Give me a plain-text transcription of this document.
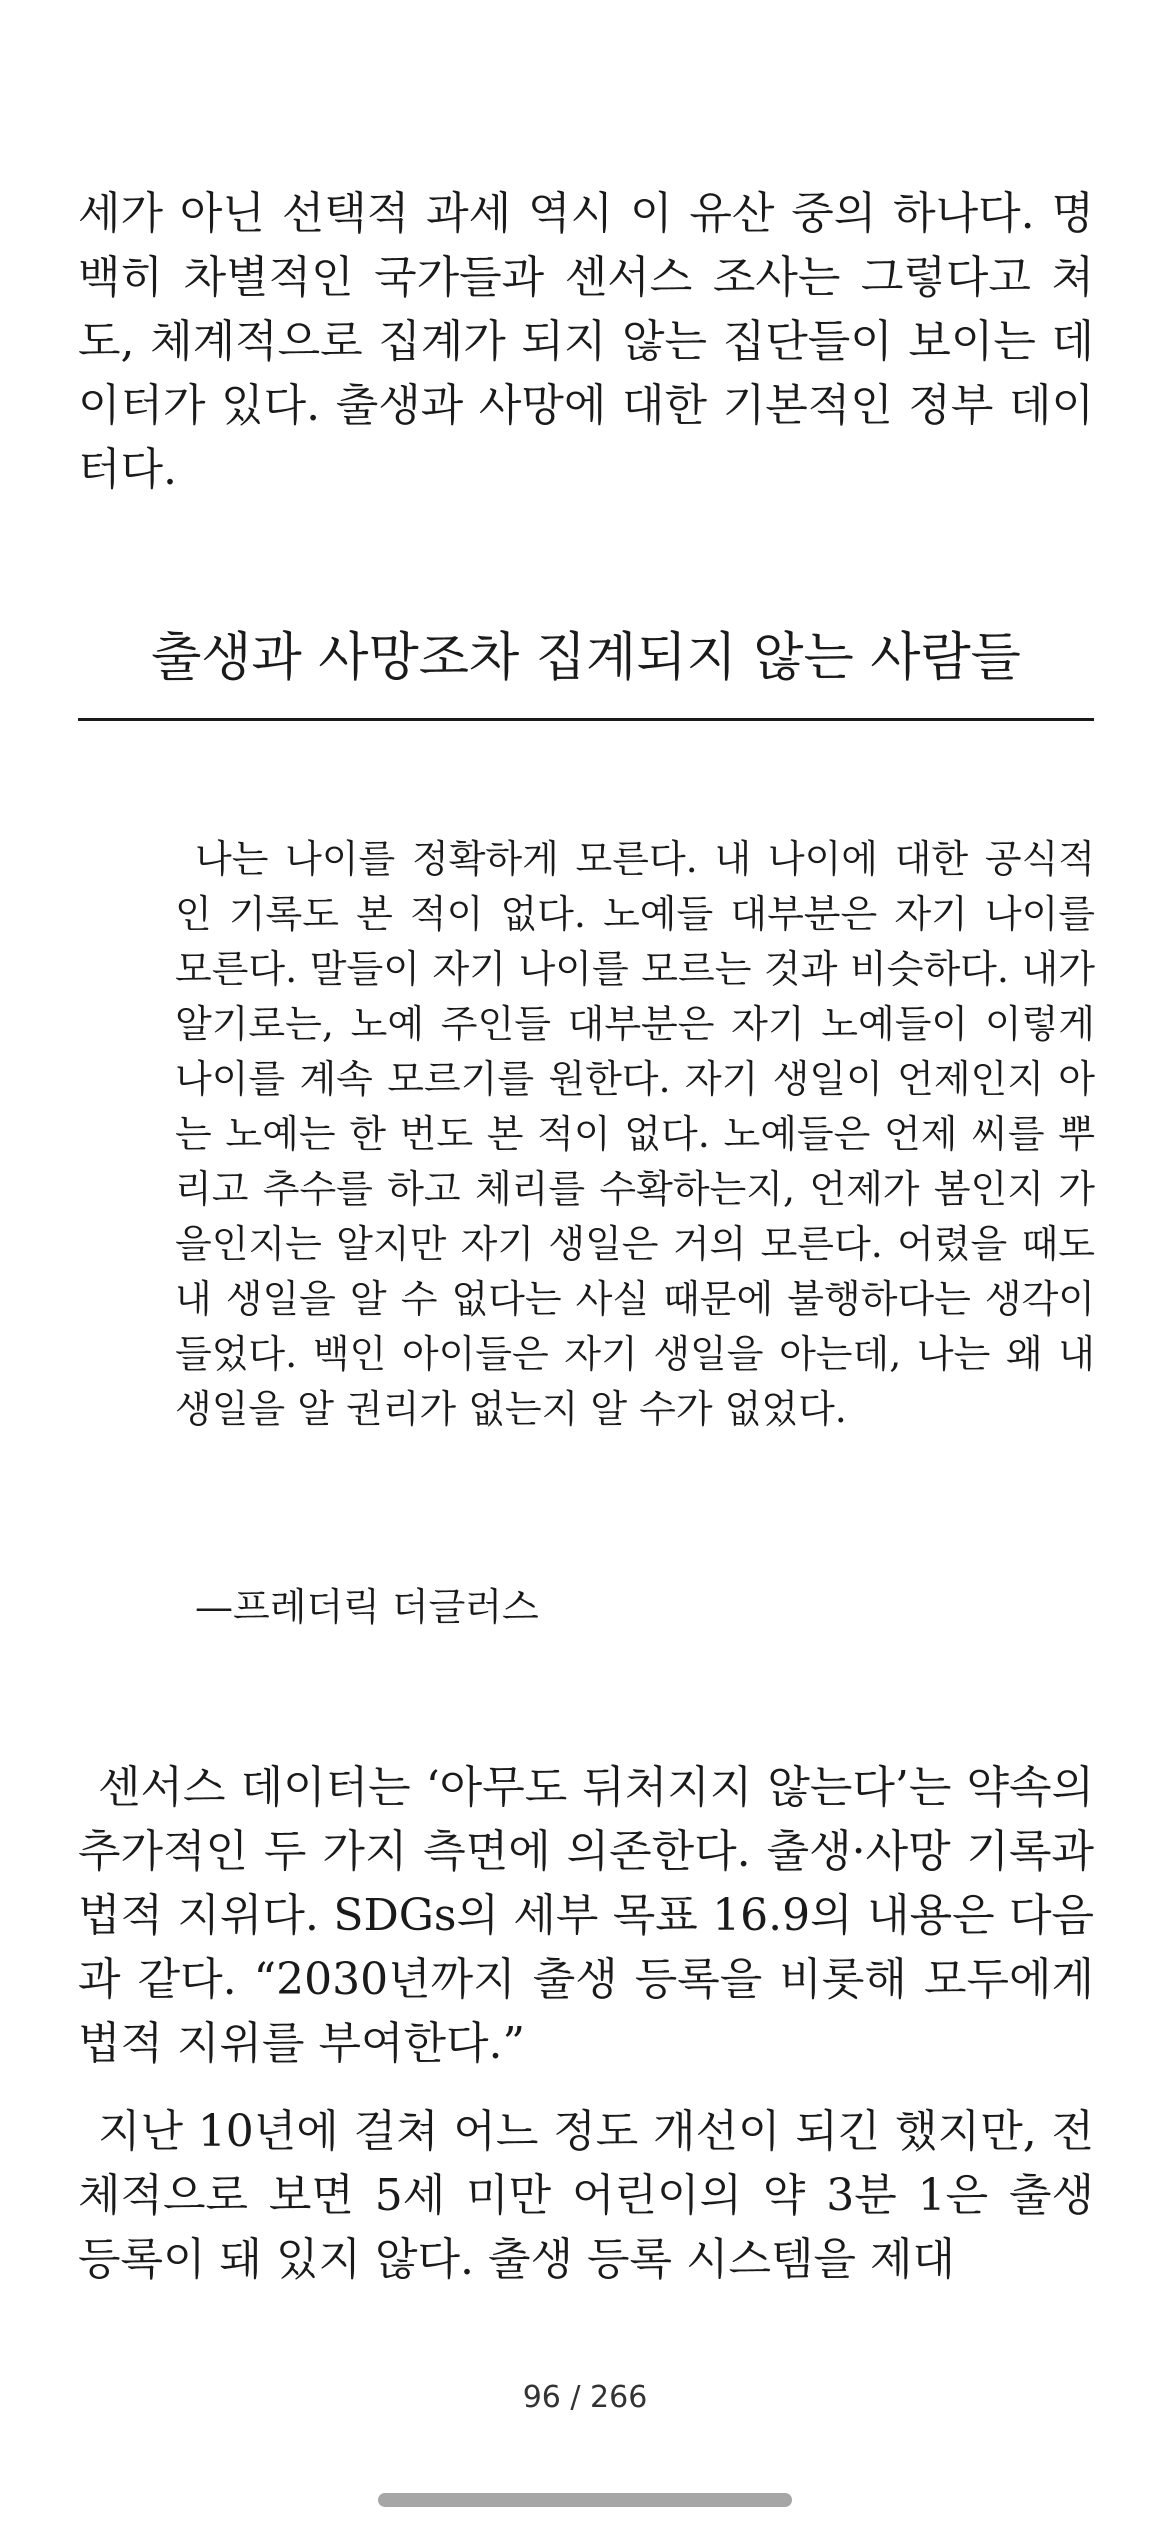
세가 아닌 선택적 과세 역시 이 유산 중의 하나다. 명백히 차별적인 국가들과 센서스 조사는 그렇다고 쳐도, 체계적으로 집계가 되지 않는 집단들이 보이는 데이터가 있다. 출생과 사망에 대한 기본적인 정부 데이터다.

출생과 사망조차 집계되지 않는 사람들

나는 나이를 정확하게 모른다. 내 나이에 대한 공식적인 기록도 본 적이 없다. 노예들 대부분은 자기 나이를 모른다. 말들이 자기 나이를 모르는 것과 비슷하다. 내가 알기로는, 노예 주인들 대부분은 자기 노예들이 이렇게 나이를 계속 모르기를 원한다. 자기 생일이 언제인지 아는 노예는 한 번도 본 적이 없다. 노예들은 언제 씨를 뿌리고 추수를 하고 체리를 수확하는지, 언제가 봄인지 가을인지는 알지만 자기 생일은 거의 모른다. 어렸을 때도 내 생일을 알 수 없다는 사실 때문에 불행하다는 생각이 들었다. 백인 아이들은 자기 생일을 아는데, 나는 왜 내 생일을 알 권리가 없는지 알 수가 없었다.

—프레더릭 더글러스

센서스 데이터는 ‘아무도 뒤처지지 않는다’는 약속의 추가적인 두 가지 측면에 의존한다. 출생·사망 기록과 법적 지위다. SDGs의 세부 목표 16.9의 내용은 다음과 같다. “2030년까지 출생 등록을 비롯해 모두에게 법적 지위를 부여한다.”

지난 10년에 걸쳐 어느 정도 개선이 되긴 했지만, 전체적으로 보면 5세 미만 어린이의 약 3분 1은 출생 등록이 돼 있지 않다. 출생 등록 시스템을 제대

96 / 266
